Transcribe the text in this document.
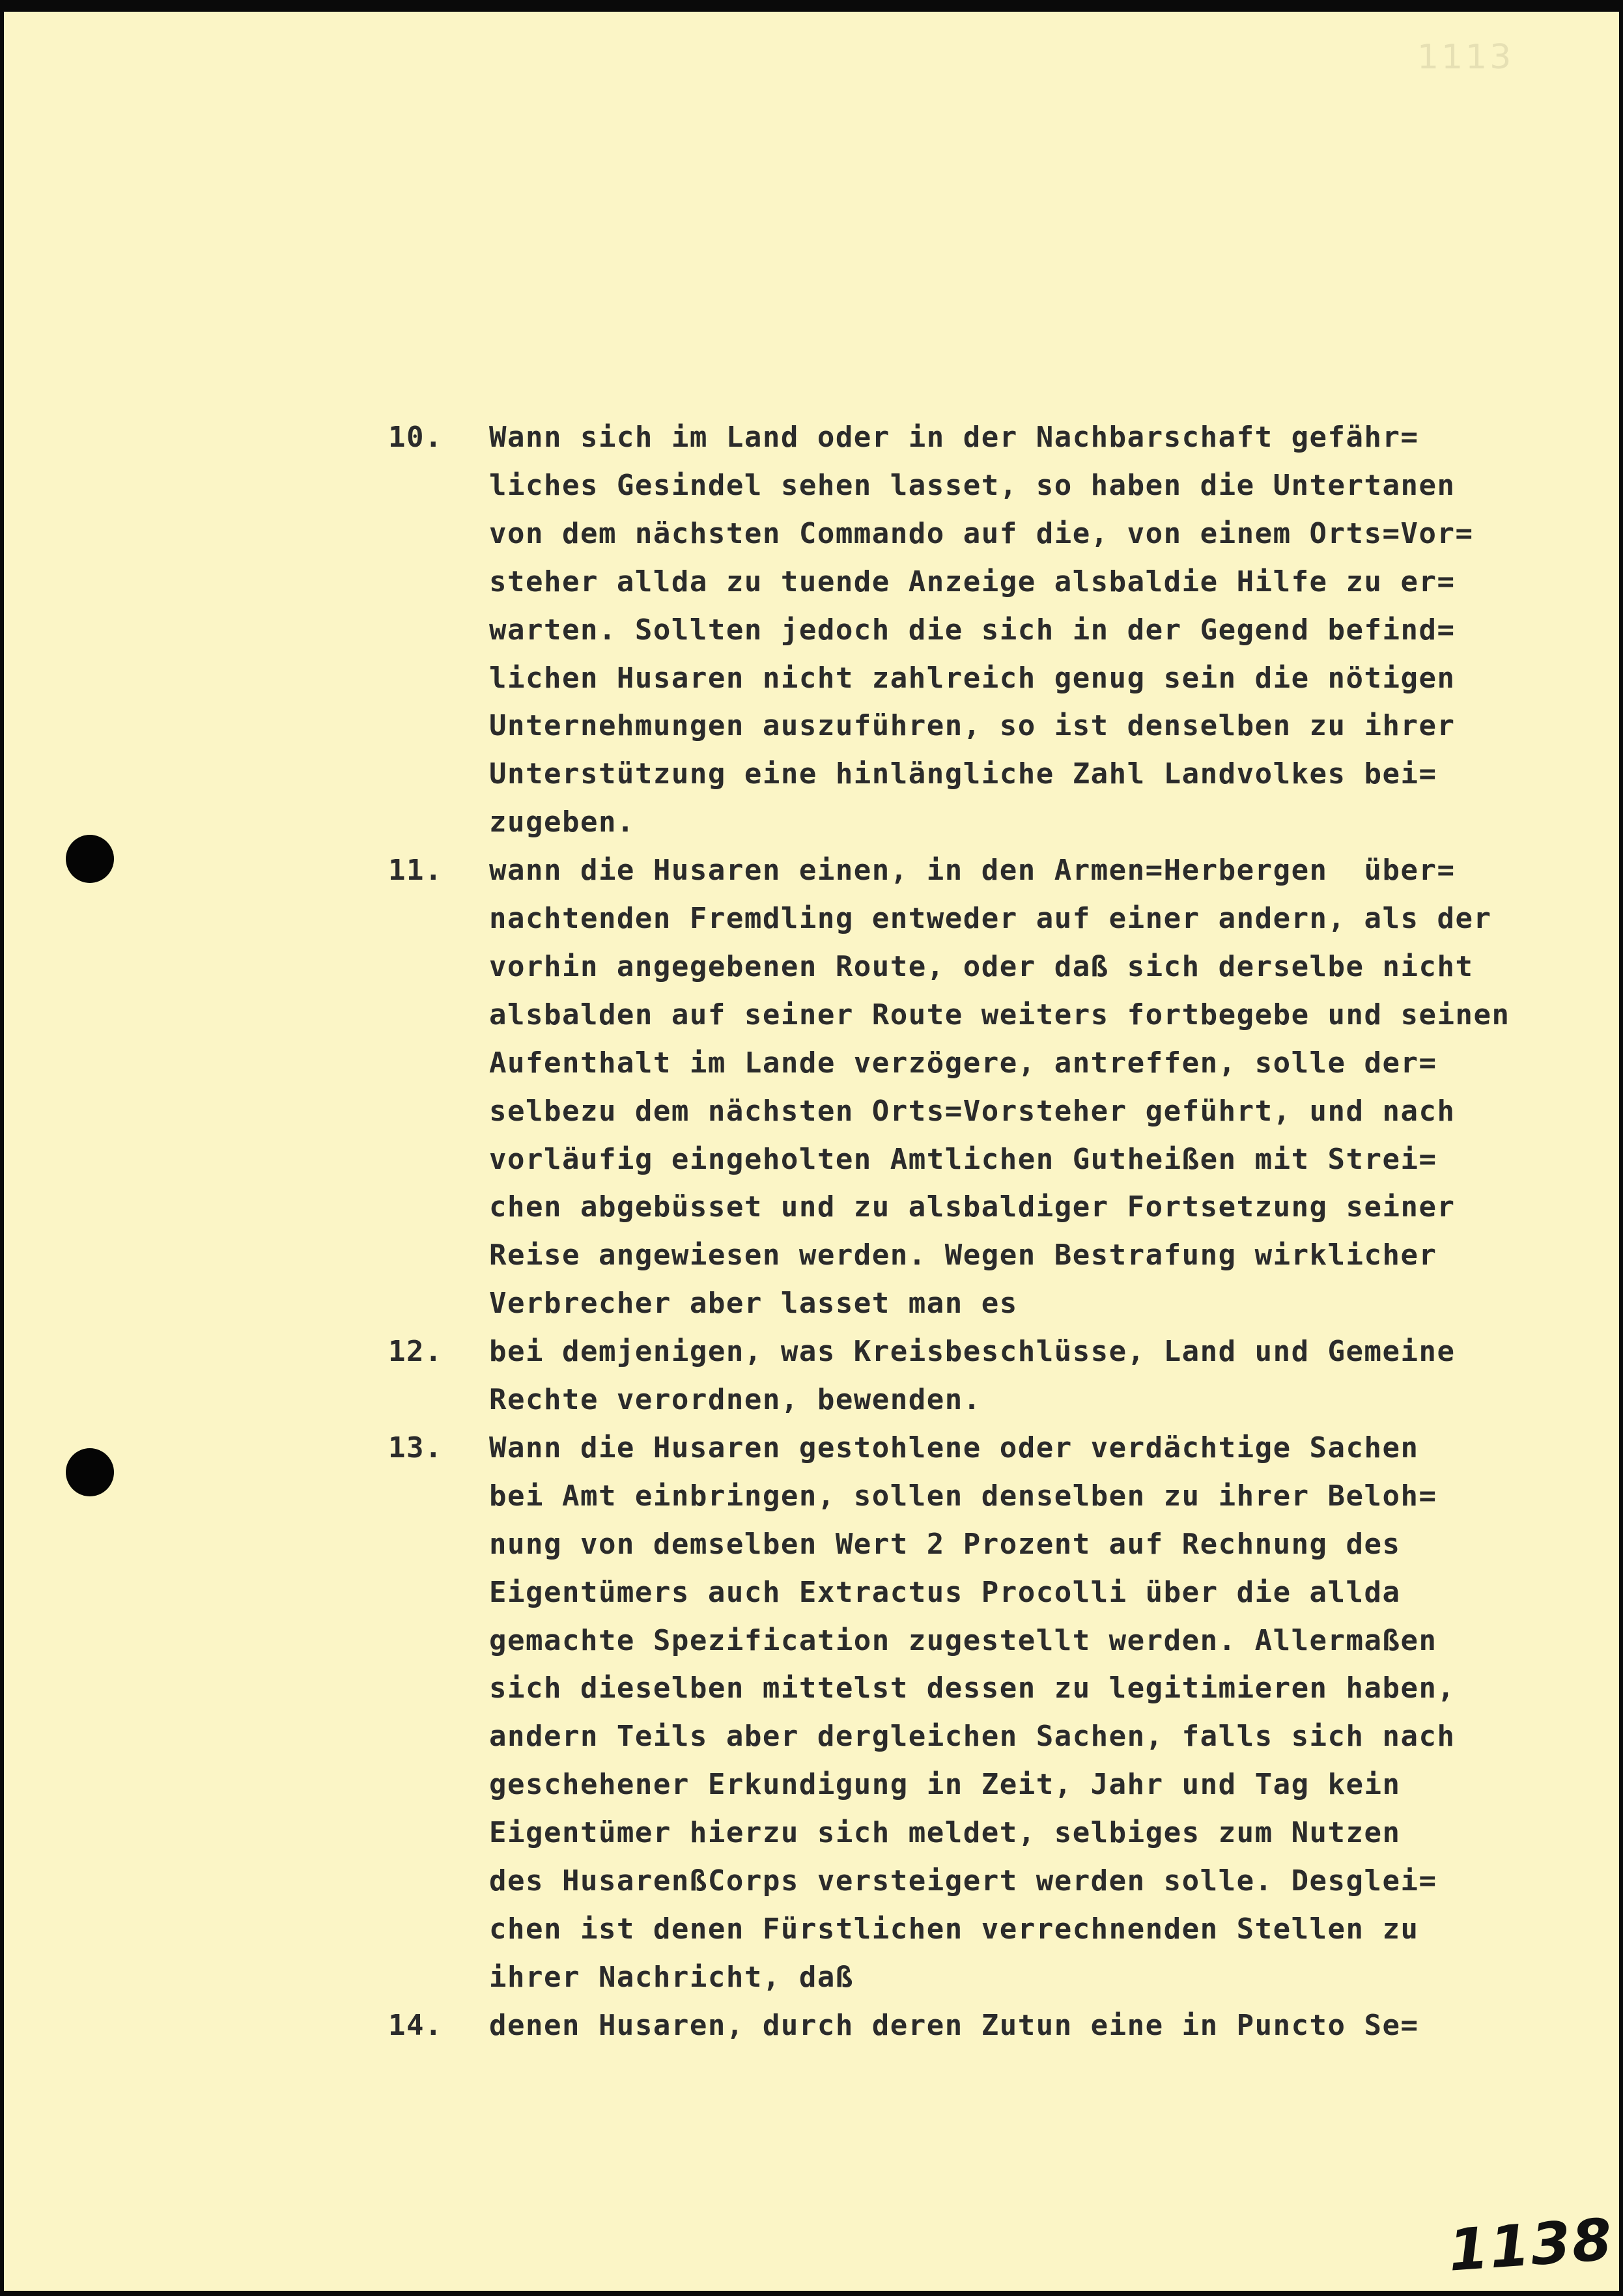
1113
10. Wann sich im Land oder in der Nachbarschaft gefähr=
liches Gesindel sehen lasset, so haben die Untertanen
von dem nächsten Commando auf die, von einem Orts=Vor=
steher allda zu tuende Anzeige alsbaldie Hilfe zu er=
warten. Sollten jedoch die sich in der Gegend befind=
lichen Husaren nicht zahlreich genug sein die nötigen
Unternehmungen auszuführen, so ist denselben zu ihrer
Unterstützung eine hinlängliche Zahl Landvolkes bei=
zugeben.
11. wann die Husaren einen, in den Armen=Herbergen  über=
nachtenden Fremdling entweder auf einer andern, als der
vorhin angegebenen Route, oder daß sich derselbe nicht
alsbalden auf seiner Route weiters fortbegebe und seinen
Aufenthalt im Lande verzögere, antreffen, solle der=
selbezu dem nächsten Orts=Vorsteher geführt, und nach
vorläufig eingeholten Amtlichen Gutheißen mit Strei=
chen abgebüsset und zu alsbaldiger Fortsetzung seiner
Reise angewiesen werden. Wegen Bestrafung wirklicher
Verbrecher aber lasset man es
12. bei demjenigen, was Kreisbeschlüsse, Land und Gemeine
Rechte verordnen, bewenden.
13. Wann die Husaren gestohlene oder verdächtige Sachen
bei Amt einbringen, sollen denselben zu ihrer Beloh=
nung von demselben Wert 2 Prozent auf Rechnung des
Eigentümers auch Extractus Procolli über die allda
gemachte Spezification zugestellt werden. Allermaßen
sich dieselben mittelst dessen zu legitimieren haben,
andern Teils aber dergleichen Sachen, falls sich nach
geschehener Erkundigung in Zeit, Jahr und Tag kein
Eigentümer hierzu sich meldet, selbiges zum Nutzen
des HusarenßCorps versteigert werden solle. Desglei=
chen ist denen Fürstlichen verrechnenden Stellen zu
ihrer Nachricht, daß
14. denen Husaren, durch deren Zutun eine in Puncto Se=
1138
